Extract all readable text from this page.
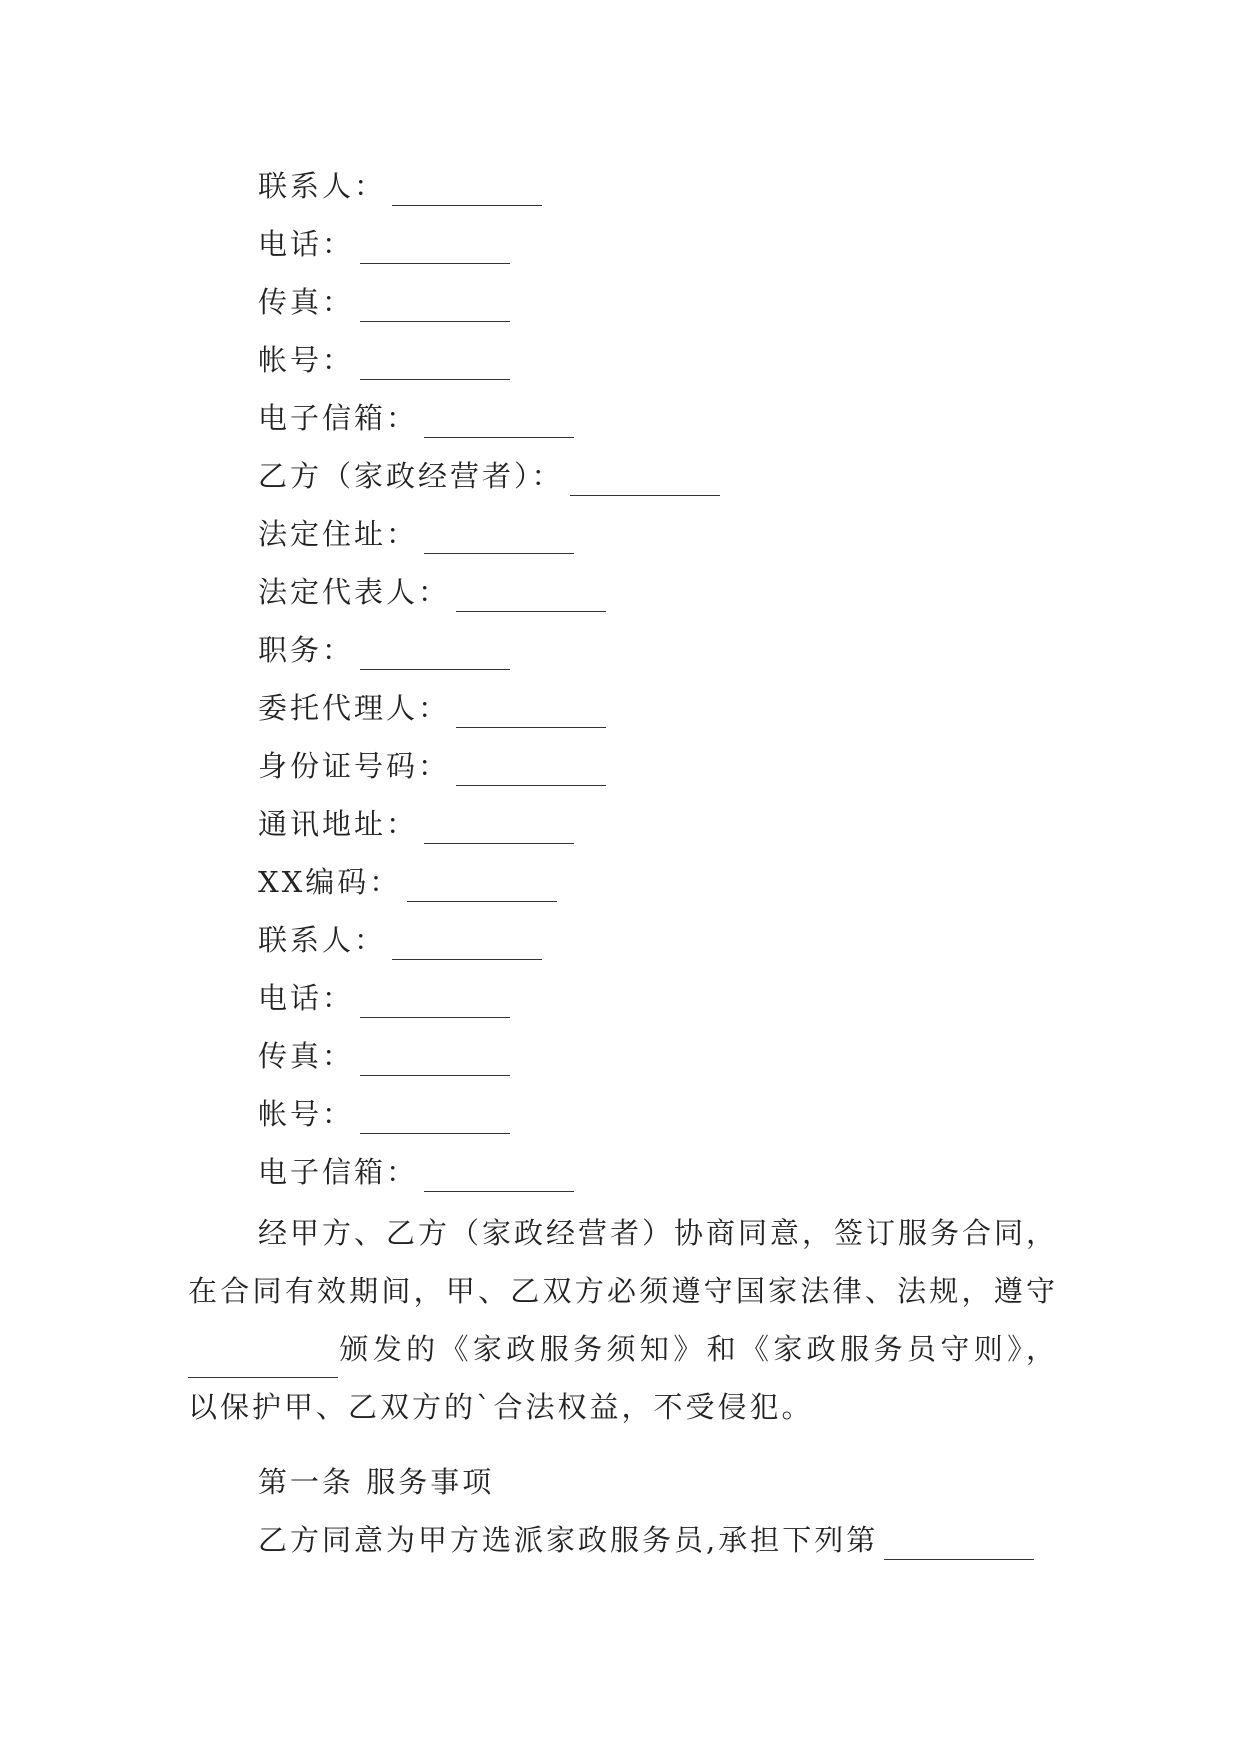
联系人：
电话：
传真：
帐号：
电子信箱：
乙方（家政经营者）：
法定住址：
法定代表人：
职务：
委托代理人：
身份证号码：
通讯地址：
XX编码：
联系人：
电话：
传真：
帐号：
电子信箱：

经甲方、乙方（家政经营者）协商同意，签订服务合同，在合同有效期间，甲、乙双方必须遵守国家法律、法规，遵守颁发的《家政服务须知》和《家政服务员守则》，以保护甲、乙双方的`合法权益，不受侵犯。

第一条 服务事项
乙方同意为甲方选派家政服务员,承担下列第
